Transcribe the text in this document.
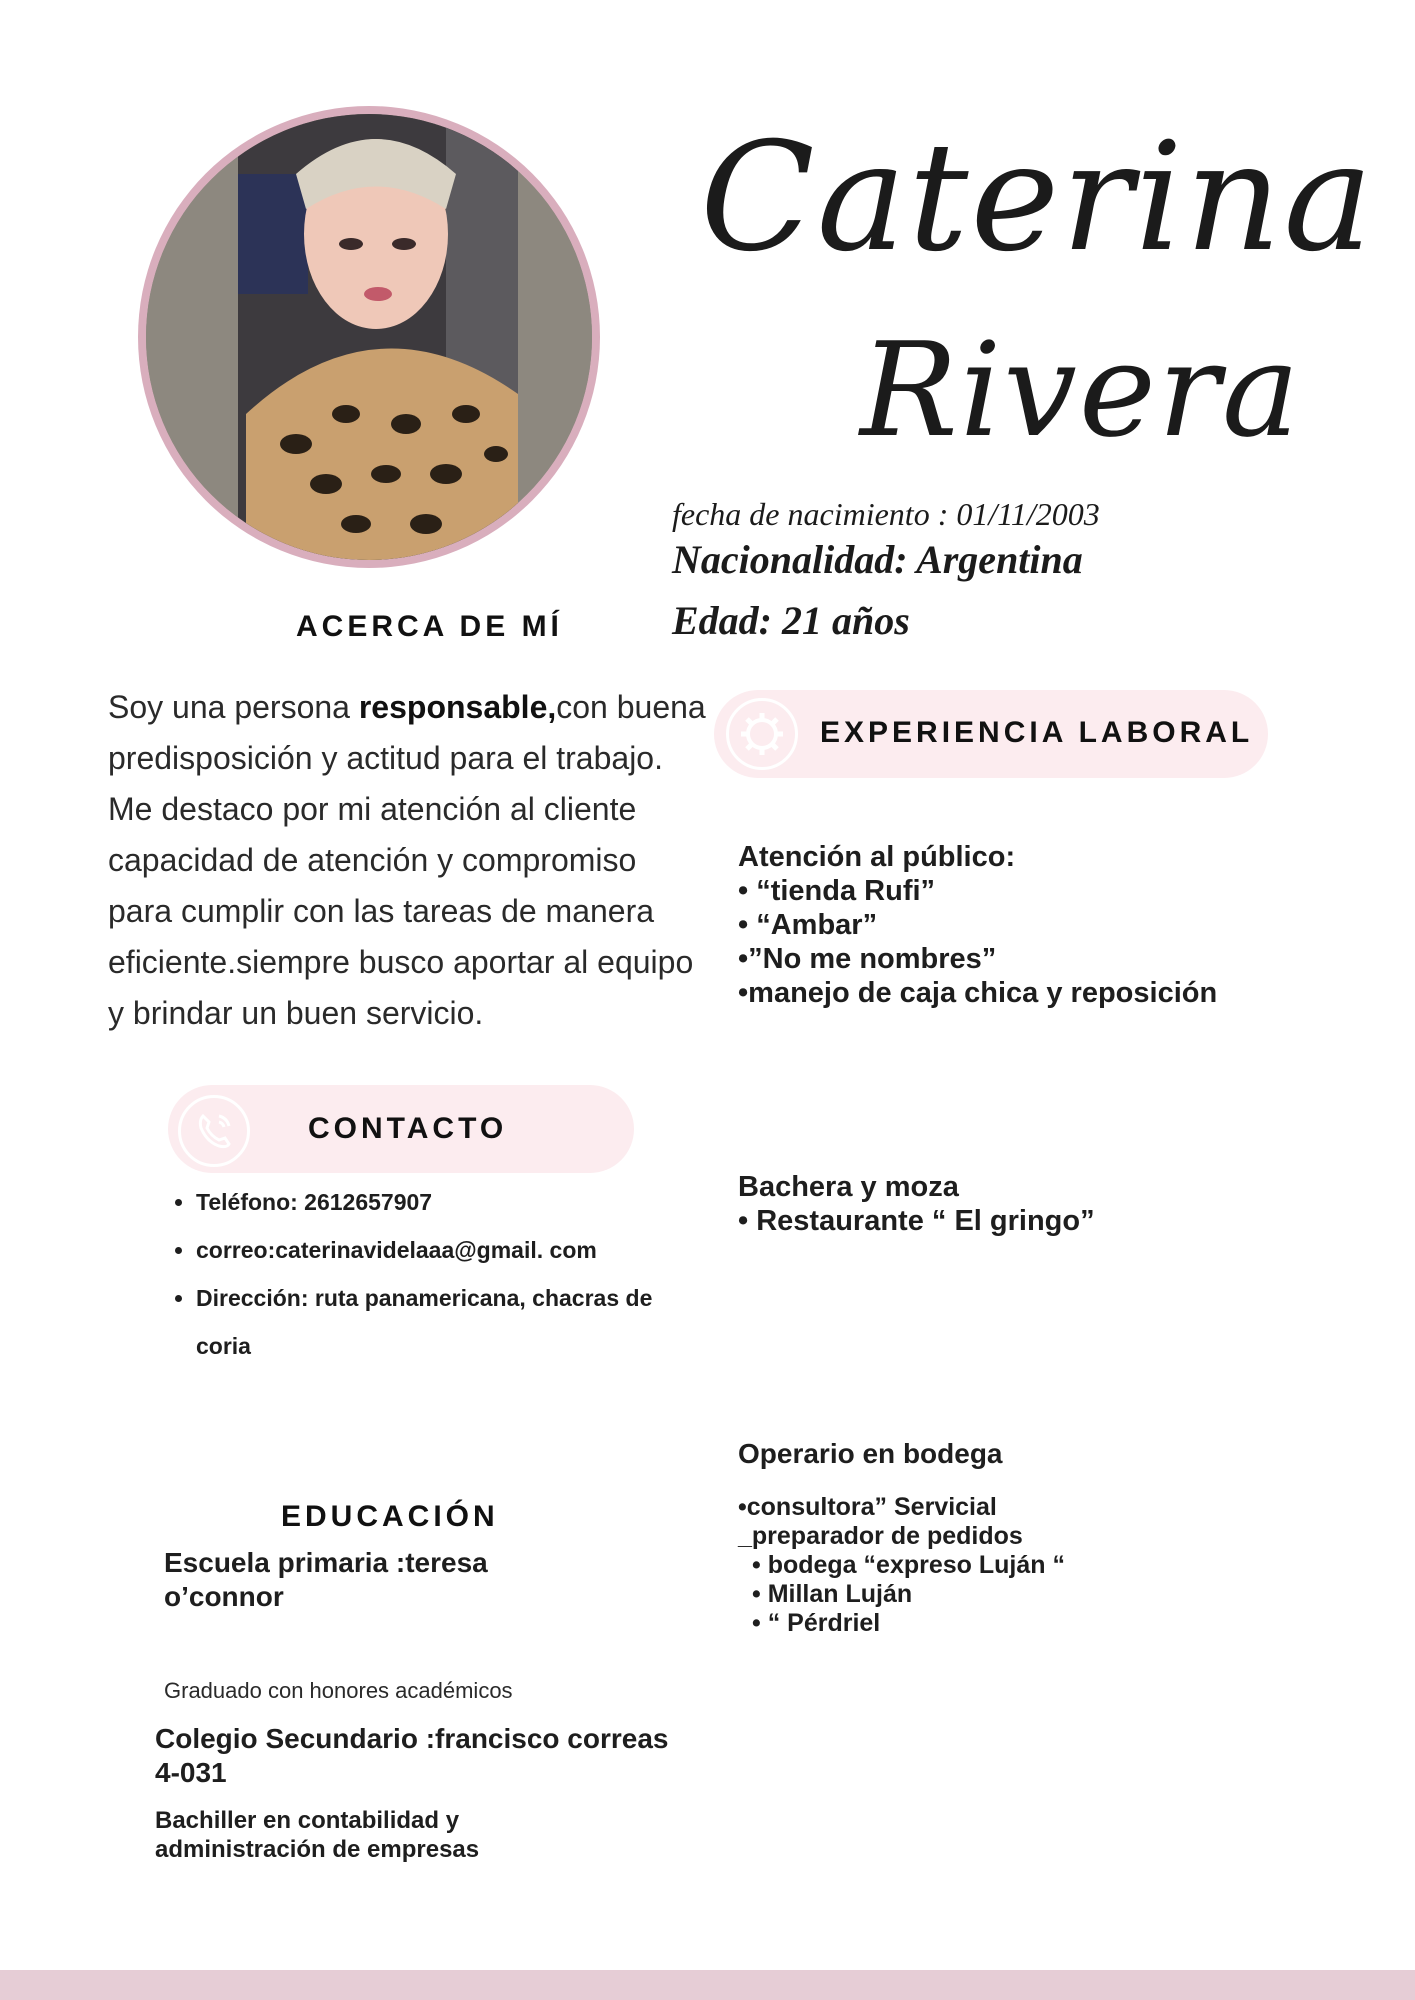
Caterina
Rivera
fecha de nacimiento : 01/11/2003
Nacionalidad: Argentina
Edad: 21 años
ACERCA DE MÍ
Soy una persona responsable,con buena predisposición y actitud para el trabajo. Me destaco por mi atención al cliente
capacidad de atención y compromiso para cumplir con las tareas de manera eficiente.siempre busco aportar al equipo y brindar un buen servicio.
EXPERIENCIA LABORAL
Atención al público:
• “tienda Rufi”
• “Ambar”
•”No me nombres”
•manejo de caja chica y reposición
Bachera y moza
• Restaurante “ El gringo”
Operario en bodega
•consultora” Servicial
_preparador de pedidos
• bodega “expreso Luján “
• Millan Luján
• “ Pérdriel
CONTACTO
• Teléfono: 2612657907
• correo:caterinavidelaaa@gmail. com
• Dirección: ruta panamericana, chacras de coria
EDUCACIÓN
Escuela primaria :teresa o’connor
Graduado con honores académicos
Colegio Secundario :francisco correas 4-031
Bachiller en contabilidad y administración de empresas
